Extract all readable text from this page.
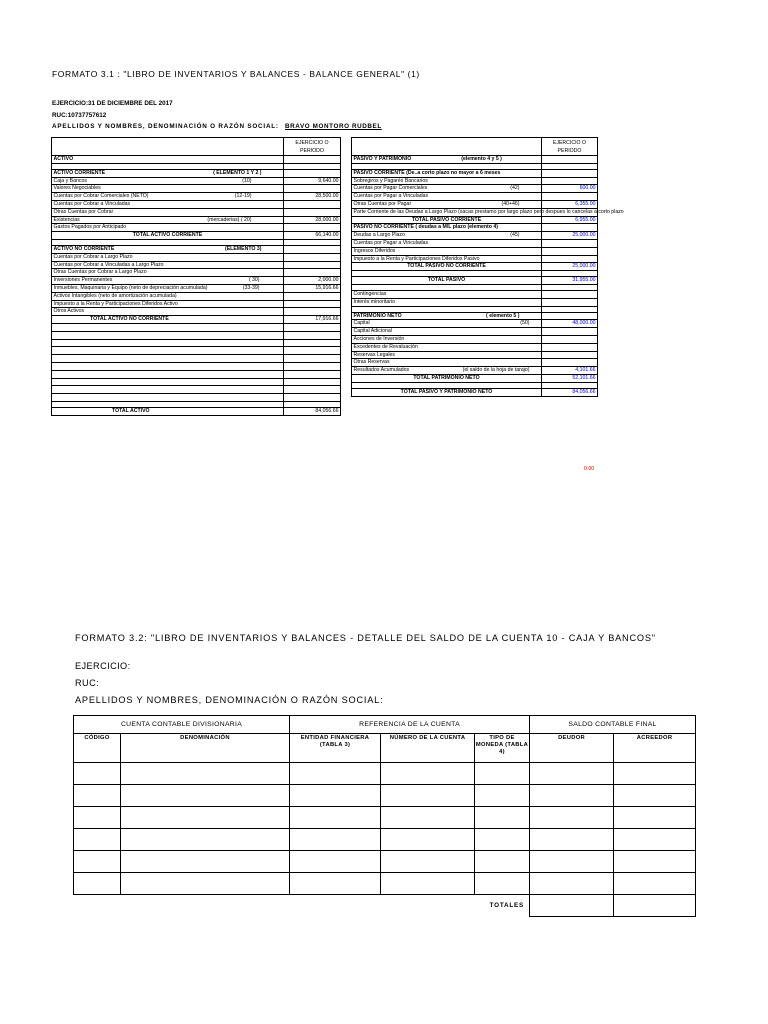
FORMATO 3.1 : "LIBRO DE INVENTARIOS Y BALANCES - BALANCE GENERAL" (1)
EJERCICIO:31 DE DICIEMBRE DEL 2017
RUC:10737757612
APELLIDOS Y NOMBRES, DENOMINACIÓN O RAZÓN SOCIAL: BRAVO MONTORO RUDBEL
	EJERCICIO O PERIODO
ACTIVO	

ACTIVO CORRIENTE ( ELEMENTO 1 Y 2 )	

Caja y Bancos (10)	9,640.00

Valores Negociables	

Cuentas por Cobrar Comerciales (NETO) (12-19)	28,500.00

Cuentas por Cobrar a Vinculadas	

Otras Cuentas por Cobrar	

Existencias (mercaderias) ( 20)	28,000.00

Gastos Pagados por Anticipado	

TOTAL ACTIVO CORRIENTE	66,140.00

ACTIVO NO CORRIENTE (ELEMENTO 3)	

Cuentas por Cobrar a Largo Plazo	

Cuentas por Cobrar a Vinculadas a Largo Plazo	

Otras Cuentas por Cobrar a Largo Plazo	

Inversiones Permanentes ( 30)	2,000.00

Inmuebles, Maquinaria y Equipo (neto de depreciación acumulada) (33-39)	15,916.66

Activos Intangibles (neto de amortización acumulada)	

Impuesto a la Renta y Participaciones Diferidos Activo	

Otros Activos	

TOTAL ACTIVO NO CORRIENTE	17,916.66

TOTAL ACTIVO	84,056.66
	EJERCICIO O PERIODO
PASIVO Y PATRIMONIO (elemento 4 y 5 )	

PASIVO CORRIENTE (De..a corto plazo no mayor a 6 meses	

Sobregiros y Pagarés Bancarios	

Cuentas por Pagar Comerciales (42)	600.00

Cuentas por Pagar a Vinculadas	

Otras Cuentas por Pagar (40+46)	6,355.00

Parte Corriente de las Deudas a Largo Plazo (sacas prestamo por largo plazo pero despues lo cancelas a corto plazo	

TOTAL PASIVO CORRIENTE	6,955.00
PASIVO NO CORRIENTE ( deudas a M/L plazo (elemento 4)	

Deudas a Largo Plazo (45)	25,000.00

Cuentas por Pagar a Vinculadas	

Ingresos Diferidos	

Impuesto a la Renta y Participaciones Diferidos Pasivo	

TOTAL PASIVO NO CORRIENTE	25,000.00

TOTAL PASIVO	31,955.00

Contingencias	
Interés minoritario	

PATRIMONIO NETO ( elemento 5 )	

Capital (50)	48,000.00

Capital Adicional	

Acciones de Inversión	

Excedentes de Revaluación	

Reservas Legales	

Otras Reservas	

Resultados Acumulados (el saldo de la hoja de tarajo)	4,101.66
TOTAL PATRIMONIO NETO	52,101.66

TOTAL PASIVO Y PATRIMONIO NETO	84,056.66
0.00
FORMATO 3.2: "LIBRO DE INVENTARIOS Y BALANCES - DETALLE DEL SALDO DE LA CUENTA 10 - CAJA Y BANCOS"
EJERCICIO:
RUC:
APELLIDOS Y NOMBRES, DENOMINACIÓN O RAZÓN SOCIAL:
CUENTA CONTABLE DIVISIONARIA		REFERENCIA DE LA CUENTA			SALDO CONTABLE FINAL	
CÓDIGO	DENOMINACIÓN	ENTIDAD FINANCIERA (TABLA 3)	NÚMERO DE LA CUENTA	TIPO DE MONEDA (TABLA 4)	DEUDOR	ACREEDOR

			TOTALES			
